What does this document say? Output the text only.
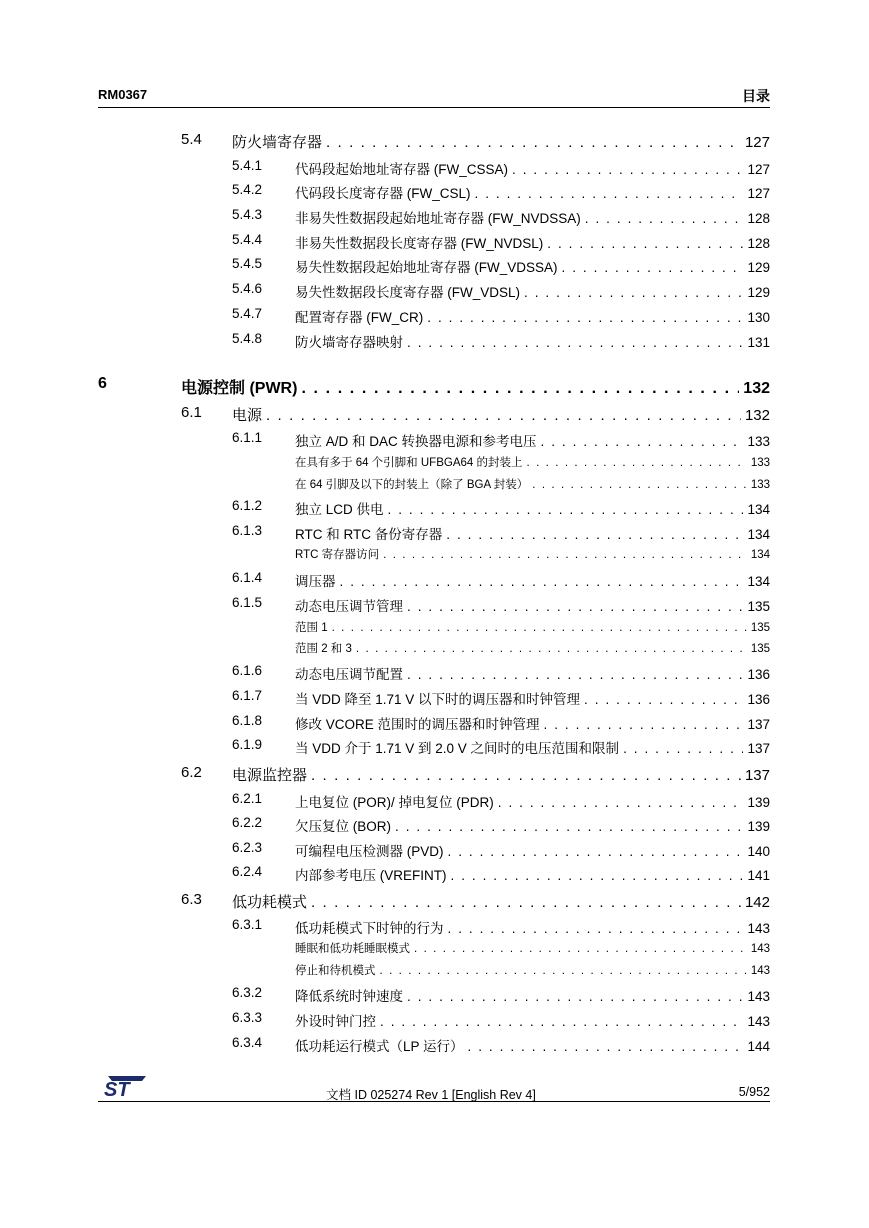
RM0367	目录
5.4 防火墙寄存器 . . .	127
5.4.1 代码段起始地址寄存器 (FW_CSSA) . . .	127
5.4.2 代码段长度寄存器 (FW_CSL) . . .	127
5.4.3 非易失性数据段起始地址寄存器 (FW_NVDSSA) . . .	128
5.4.4 非易失性数据段长度寄存器 (FW_NVDSL) . . .	128
5.4.5 易失性数据段起始地址寄存器 (FW_VDSSA) . . .	129
5.4.6 易失性数据段长度寄存器 (FW_VDSL) . . .	129
5.4.7 配置寄存器 (FW_CR) . . .	130
5.4.8 防火墙寄存器映射 . . .	131
6	电源控制 (PWR) . . .	132
6.1 电源 . . .	132
6.1.1 独立 A/D 和 DAC 转换器电源和参考电压 . . .	133
在具有多于 64 个引脚和 UFBGA64 的封装上 . . .	133
在 64 引脚及以下的封装上（除了 BGA 封装） . . .	133
6.1.2 独立 LCD 供电 . . .	134
6.1.3 RTC 和 RTC 备份寄存器 . . .	134
RTC 寄存器访问 . . .	134
6.1.4 调压器 . . .	134
6.1.5 动态电压调节管理 . . .	135
范围 1 . . .	135
范围 2 和 3 . . .	135
6.1.6 动态电压调节配置 . . .	136
6.1.7 当 VDD 降至 1.71 V 以下时的调压器和时钟管理 . . .	136
6.1.8 修改 VCORE 范围时的调压器和时钟管理 . . .	137
6.1.9 当 VDD 介于 1.71 V 到 2.0 V 之间时的电压范围和限制 . . .	137
6.2 电源监控器 . . .	137
6.2.1 上电复位 (POR)/ 掉电复位 (PDR) . . .	139
6.2.2 欠压复位 (BOR) . . .	139
6.2.3 可编程电压检测器 (PVD) . . .	140
6.2.4 内部参考电压 (VREFINT) . . .	141
6.3 低功耗模式 . . .	142
6.3.1 低功耗模式下时钟的行为 . . .	143
睡眠和低功耗睡眠模式 . . .	143
停止和待机模式 . . .	143
6.3.2 降低系统时钟速度 . . .	143
6.3.3 外设时钟门控 . . .	143
6.3.4 低功耗运行模式（LP 运行） . . .	144
ST	文档 ID 025274 Rev 1 [English Rev 4]	5/952
